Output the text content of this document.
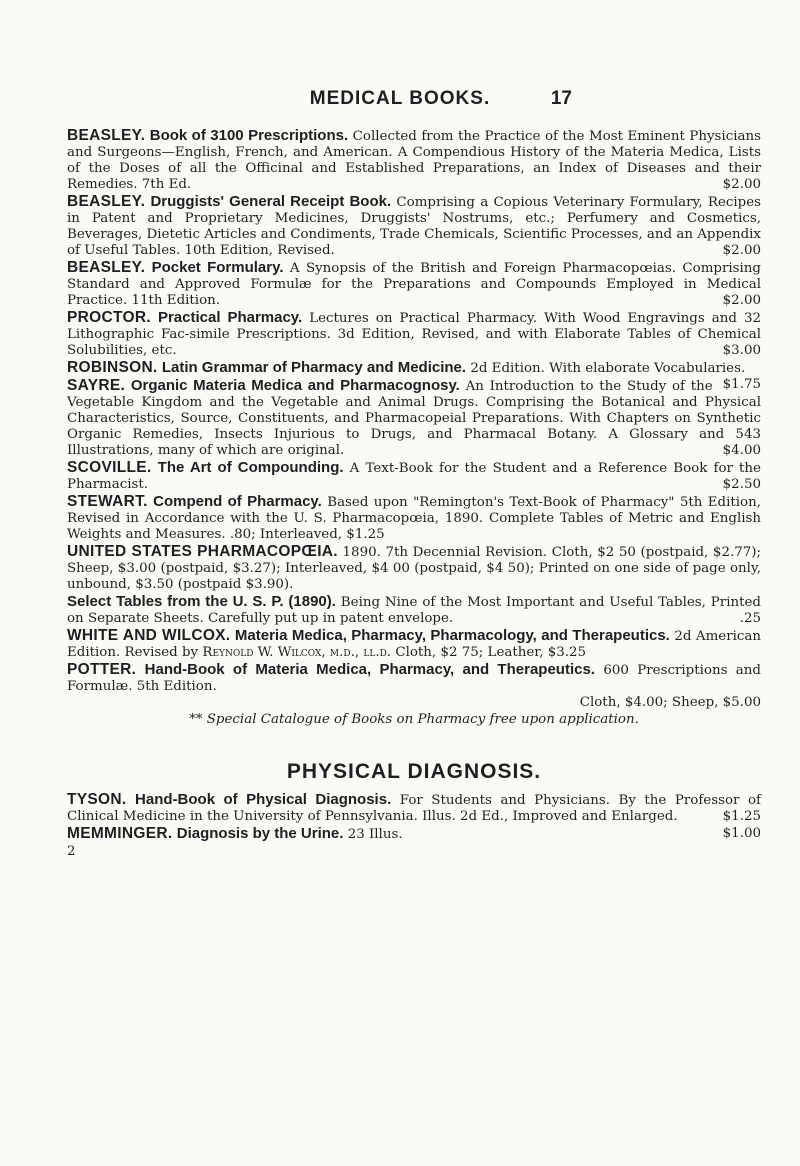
MEDICAL BOOKS.	17

BEASLEY. Book of 3100 Prescriptions. Collected from the Practice of the Most Eminent Physicians and Surgeons—English, French, and American. A Compendious History of the Materia Medica, Lists of the Doses of all the Officinal and Established Preparations, an Index of Diseases and their Remedies. 7th Ed.	$2.00

BEASLEY. Druggists' General Receipt Book. Comprising a Copious Veterinary Formulary, Recipes in Patent and Proprietary Medicines, Druggists' Nostrums, etc.; Perfumery and Cosmetics, Beverages, Dietetic Articles and Condiments, Trade Chemicals, Scientific Processes, and an Appendix of Useful Tables. 10th Edition, Revised.	$2.00

BEASLEY. Pocket Formulary. A Synopsis of the British and Foreign Pharmacopœias. Comprising Standard and Approved Formulæ for the Preparations and Compounds Employed in Medical Practice. 11th Edition.	$2.00

PROCTOR. Practical Pharmacy. Lectures on Practical Pharmacy. With Wood Engravings and 32 Lithographic Fac-simile Prescriptions. 3d Edition, Revised, and with Elaborate Tables of Chemical Solubilities, etc.	$3.00

ROBINSON. Latin Grammar of Pharmacy and Medicine. 2d Edition. With elaborate Vocabularies.
$1.75

SAYRE. Organic Materia Medica and Pharmacognosy. An Introduction to the Study of the Vegetable Kingdom and the Vegetable and Animal Drugs. Comprising the Botanical and Physical Characteristics, Source, Constituents, and Pharmacopeial Preparations. With Chapters on Synthetic Organic Remedies, Insects Injurious to Drugs, and Pharmacal Botany. A Glossary and 543 Illustrations, many of which are original.	$4.00

SCOVILLE. The Art of Compounding. A Text-Book for the Student and a Reference Book for the Pharmacist.	$2.50

STEWART. Compend of Pharmacy. Based upon "Remington's Text-Book of Pharmacy" 5th Edition, Revised in Accordance with the U. S. Pharmacopœia, 1890. Complete Tables of Metric and English Weights and Measures. .80; Interleaved, $1.25

UNITED STATES PHARMACOPŒIA. 1890. 7th Decennial Revision. Cloth, $2 50 (postpaid, $2.77); Sheep, $3.00 (postpaid, $3.27); Interleaved, $4 00 (postpaid, $4 50); Printed on one side of page only, unbound, $3.50 (postpaid $3.90).

Select Tables from the U. S. P. (1890). Being Nine of the Most Important and Useful Tables, Printed on Separate Sheets. Carefully put up in patent envelope.	.25

WHITE AND WILCOX. Materia Medica, Pharmacy, Pharmacology, and Therapeutics. 2d American Edition. Revised by Reynold W. Wilcox, m.d., ll.d. Cloth, $2 75; Leather, $3.25

POTTER. Hand-Book of Materia Medica, Pharmacy, and Therapeutics. 600 Prescriptions and Formulæ. 5th Edition.

Cloth, $4.00; Sheep, $5.00

** Special Catalogue of Books on Pharmacy free upon application.

PHYSICAL DIAGNOSIS.

TYSON. Hand-Book of Physical Diagnosis. For Students and Physicians. By the Professor of Clinical Medicine in the University of Pennsylvania. Illus. 2d Ed., Improved and Enlarged.	$1.25

MEMMINGER. Diagnosis by the Urine. 23 Illus.	$1.00

2
